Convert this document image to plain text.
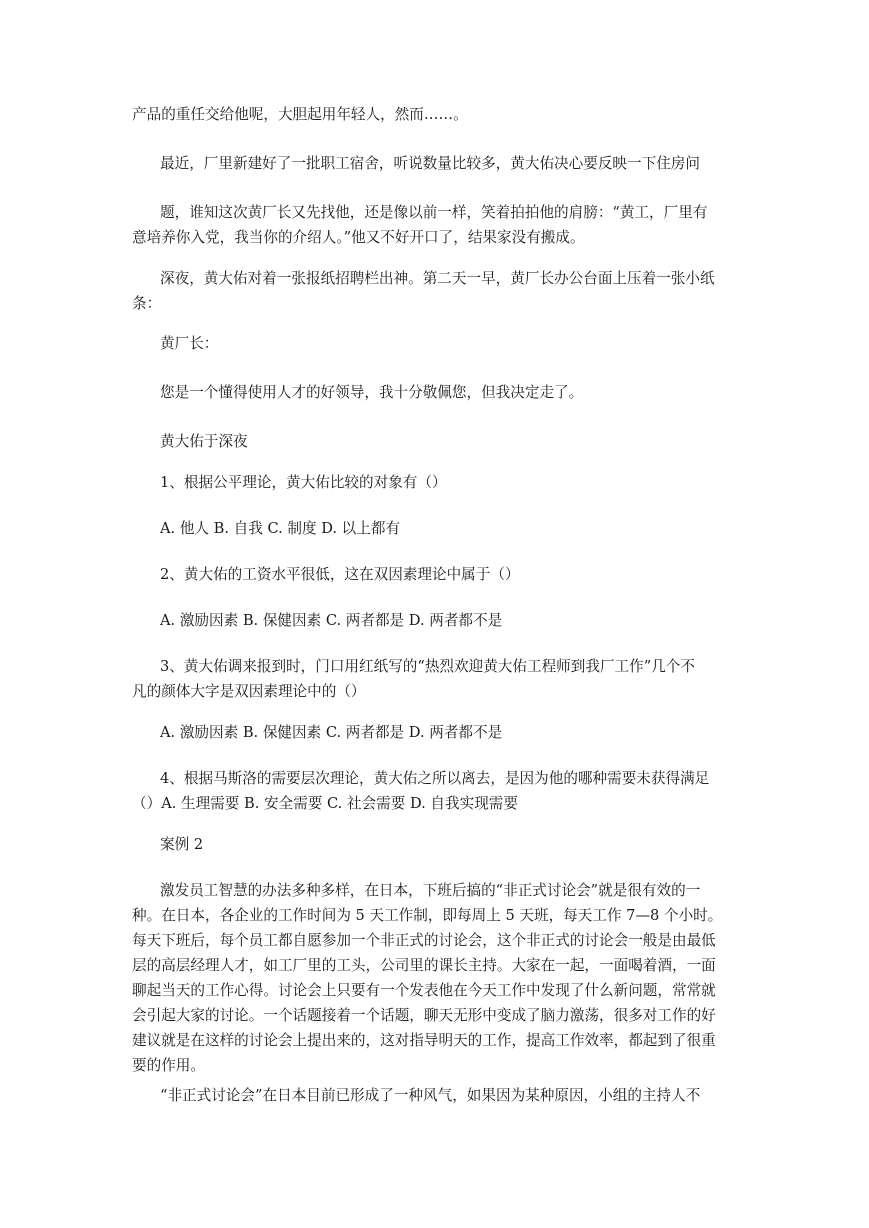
产品的重任交给他呢，大胆起用年轻人，然而……。
最近，厂里新建好了一批职工宿舍，听说数量比较多，黄大佑决心要反映一下住房问
题，谁知这次黄厂长又先找他，还是像以前一样，笑着拍拍他的肩膀：“黄工，厂里有
意培养你入党，我当你的介绍人。”他又不好开口了，结果家没有搬成。
深夜，黄大佑对着一张报纸招聘栏出神。第二天一早，黄厂长办公台面上压着一张小纸
条：
黄厂长：
您是一个懂得使用人才的好领导，我十分敬佩您，但我决定走了。
黄大佑于深夜
1、根据公平理论，黄大佑比较的对象有（）
A. 他人 B. 自我 C. 制度 D. 以上都有
2、黄大佑的工资水平很低，这在双因素理论中属于（）
A. 激励因素 B. 保健因素 C. 两者都是 D. 两者都不是
3、黄大佑调来报到时，门口用红纸写的“热烈欢迎黄大佑工程师到我厂工作”几个不
凡的颜体大字是双因素理论中的（）
A. 激励因素 B. 保健因素 C. 两者都是 D. 两者都不是
4、根据马斯洛的需要层次理论，黄大佑之所以离去，是因为他的哪种需要未获得满足
（）A. 生理需要 B. 安全需要 C. 社会需要 D. 自我实现需要
案例 2
激发员工智慧的办法多种多样，在日本，下班后搞的“非正式讨论会”就是很有效的一
种。在日本，各企业的工作时间为 5 天工作制，即每周上 5 天班，每天工作 7—8 个小时。
每天下班后，每个员工都自愿参加一个非正式的讨论会，这个非正式的讨论会一般是由最低
层的高层经理人才，如工厂里的工头，公司里的课长主持。大家在一起，一面喝着酒，一面
聊起当天的工作心得。讨论会上只要有一个发表他在今天工作中发现了什么新问题，常常就
会引起大家的讨论。一个话题接着一个话题，聊天无形中变成了脑力激荡，很多对工作的好
建议就是在这样的讨论会上提出来的，这对指导明天的工作，提高工作效率，都起到了很重
要的作用。
“非正式讨论会”在日本目前已形成了一种风气，如果因为某种原因，小组的主持人不
